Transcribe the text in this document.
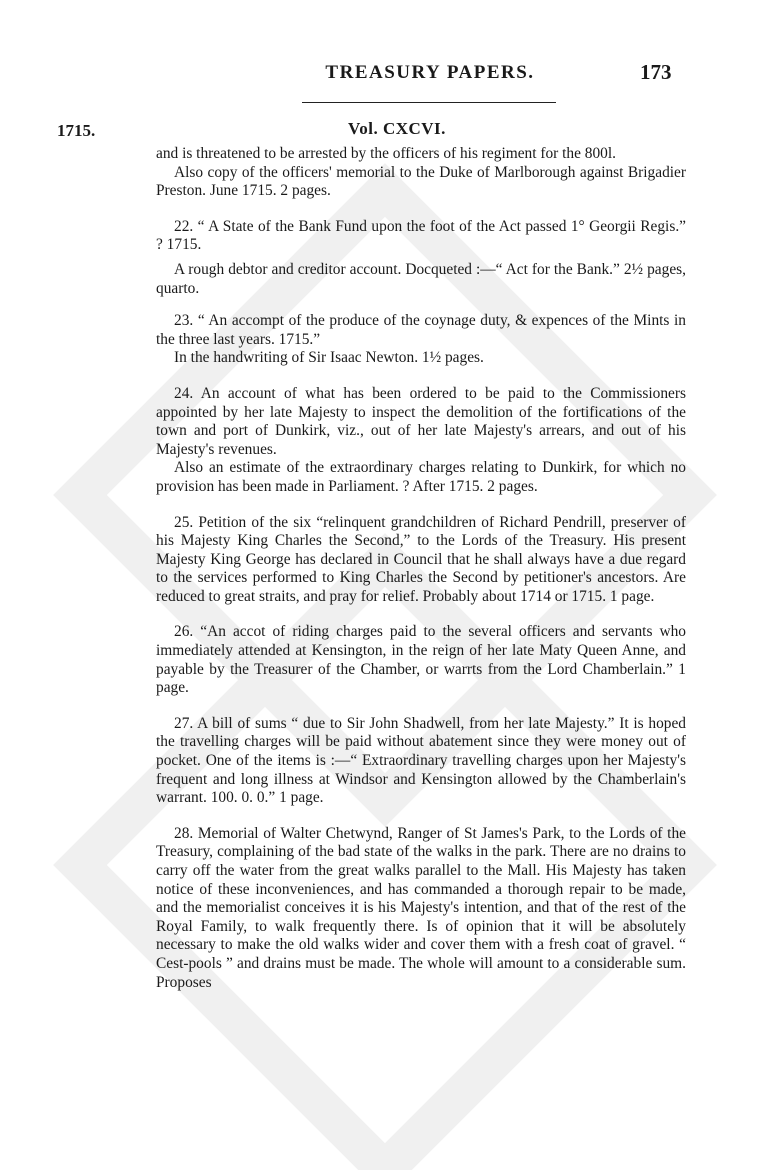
TREASURY PAPERS.	173
1715.	Vol. CXCVI.

and is threatened to be arrested by the officers of his regiment for the 800l.

Also copy of the officers' memorial to the Duke of Marlborough against Brigadier Preston. June 1715. 2 pages.

22. “ A State of the Bank Fund upon the foot of the Act passed 1° Georgii Regis.” ? 1715.

A rough debtor and creditor account. Docqueted :—“ Act for the Bank.” 2½ pages, quarto.

23. “ An accompt of the produce of the coynage duty, & expences of the Mints in the three last years. 1715.”

In the handwriting of Sir Isaac Newton. 1½ pages.

24. An account of what has been ordered to be paid to the Commissioners appointed by her late Majesty to inspect the demolition of the fortifications of the town and port of Dunkirk, viz., out of her late Majesty's arrears, and out of his Majesty's revenues.

Also an estimate of the extraordinary charges relating to Dunkirk, for which no provision has been made in Parliament. ? After 1715. 2 pages.

25. Petition of the six “relinquent grandchildren of Richard Pendrill, preserver of his Majesty King Charles the Second,” to the Lords of the Treasury. His present Majesty King George has declared in Council that he shall always have a due regard to the services performed to King Charles the Second by petitioner's ancestors. Are reduced to great straits, and pray for relief. Probably about 1714 or 1715. 1 page.

26. “An accot of riding charges paid to the several officers and servants who immediately attended at Kensington, in the reign of her late Maty Queen Anne, and payable by the Treasurer of the Chamber, or warrts from the Lord Chamberlain.” 1 page.

27. A bill of sums “ due to Sir John Shadwell, from her late Majesty.” It is hoped the travelling charges will be paid without abatement since they were money out of pocket. One of the items is :—“ Extraordinary travelling charges upon her Majesty's frequent and long illness at Windsor and Kensington allowed by the Chamberlain's warrant. 100. 0. 0.” 1 page.

28. Memorial of Walter Chetwynd, Ranger of St James's Park, to the Lords of the Treasury, complaining of the bad state of the walks in the park. There are no drains to carry off the water from the great walks parallel to the Mall. His Majesty has taken notice of these inconveniences, and has commanded a thorough repair to be made, and the memorialist conceives it is his Majesty's intention, and that of the rest of the Royal Family, to walk frequently there. Is of opinion that it will be absolutely necessary to make the old walks wider and cover them with a fresh coat of gravel. “ Cest-pools ” and drains must be made. The whole will amount to a considerable sum. Proposes
